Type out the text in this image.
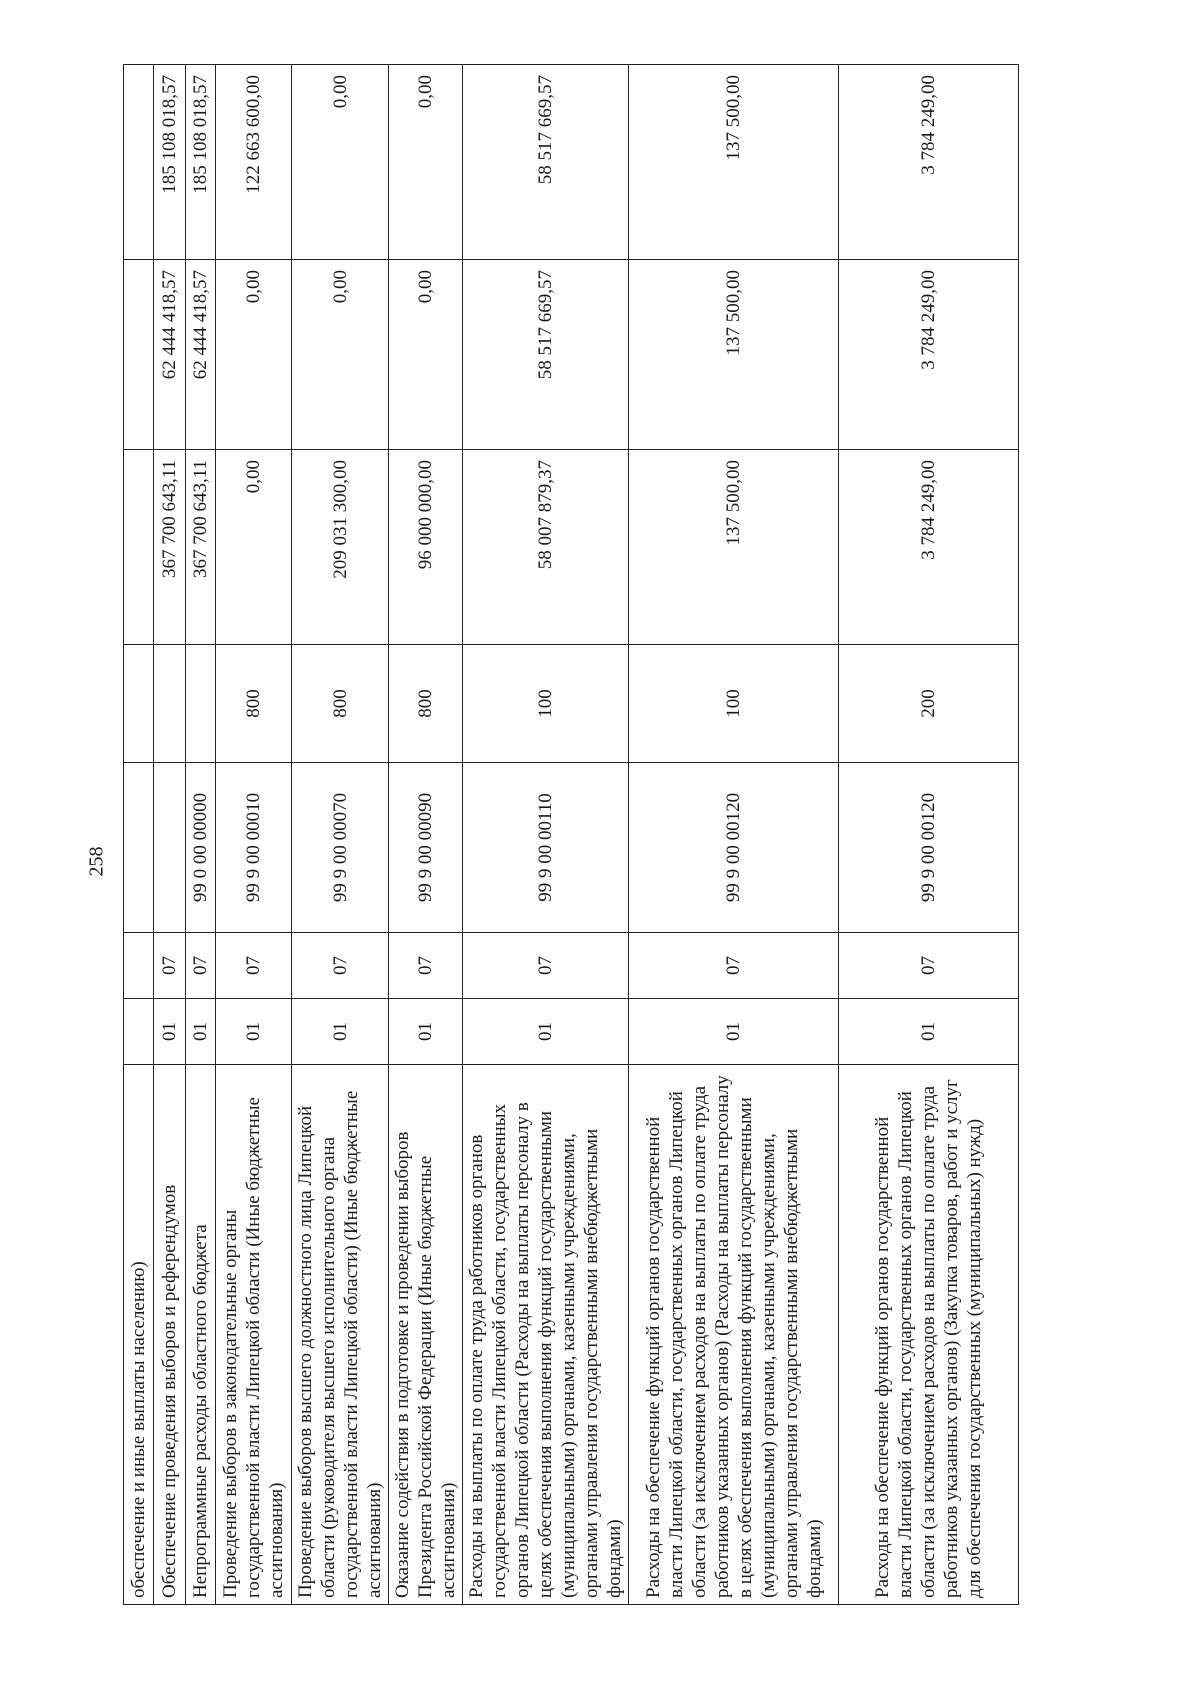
258
обеспечение и иные выплаты населению)							
Обеспечение проведения выборов и референдумов	01	07			367 700 643,11	62 444 418,57	185 108 018,57
Непрограммные расходы областного бюджета	01	07	99 0 00 00000		367 700 643,11	62 444 418,57	185 108 018,57
Проведение выборов в законодательные органы государственной власти Липецкой области (Иные бюджетные ассигнования)	01	07	99 9 00 00010	800	0,00	0,00	122 663 600,00
Проведение выборов высшего должностного лица Липецкой области (руководителя высшего исполнительного органа государственной власти Липецкой области) (Иные бюджетные ассигнования)	01	07	99 9 00 00070	800	209 031 300,00	0,00	0,00
Оказание содействия в подготовке и проведении выборов Президента Российской Федерации (Иные бюджетные ассигнования)	01	07	99 9 00 00090	800	96 000 000,00	0,00	0,00
Расходы на выплаты по оплате труда работников органов государственной власти Липецкой области, государственных органов Липецкой области (Расходы на выплаты персоналу в целях обеспечения выполнения функций государственными (муниципальными) органами, казенными учреждениями, органами управления государственными внебюджетными фондами)	01	07	99 9 00 00110	100	58 007 879,37	58 517 669,57	58 517 669,57
Расходы на обеспечение функций органов государственной власти Липецкой области, государственных органов Липецкой области (за исключением расходов на выплаты по оплате труда работников указанных органов) (Расходы на выплаты персоналу в целях обеспечения выполнения функций государственными (муниципальными) органами, казенными учреждениями, органами управления государственными внебюджетными фондами)	01	07	99 9 00 00120	100	137 500,00	137 500,00	137 500,00
Расходы на обеспечение функций органов государственной власти Липецкой области, государственных органов Липецкой области (за исключением расходов на выплаты по оплате труда работников указанных органов) (Закупка товаров, работ и услуг для обеспечения государственных (муниципальных) нужд)	01	07	99 9 00 00120	200	3 784 249,00	3 784 249,00	3 784 249,00
